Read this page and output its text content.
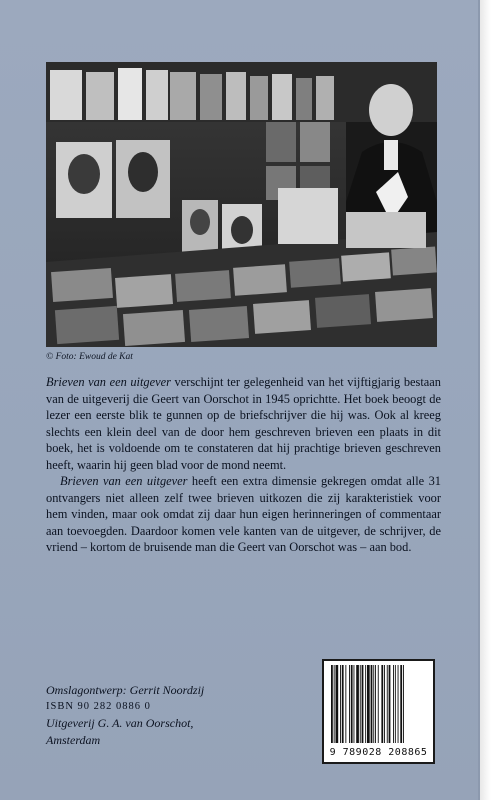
© Foto: Ewoud de Kat

Brieven van een uitgever verschijnt ter gelegenheid van het vijftigjarig bestaan van de uitgeverij die Geert van Oorschot in 1945 oprichtte. Het boek beoogt de lezer een eerste blik te gunnen op de briefschrijver die hij was. Ook al kreeg slechts een klein deel van de door hem geschreven brieven een plaats in dit boek, het is voldoende om te constateren dat hij prachtige brieven geschreven heeft, waarin hij geen blad voor de mond neemt.

Brieven van een uitgever heeft een extra dimensie gekregen omdat alle 31 ontvangers niet alleen zelf twee brieven uitkozen die zij karakteristiek voor hem vinden, maar ook omdat zij daar hun eigen herinneringen of commentaar aan toevoegden. Daardoor komen vele kanten van de uitgever, de schrijver, de vriend – kortom de bruisende man die Geert van Oorschot was – aan bod.

Omslagontwerp: Gerrit Noordzij
ISBN 90 282 0886 0
Uitgeverij G. A. van Oorschot,
Amsterdam
9 789028 208865
